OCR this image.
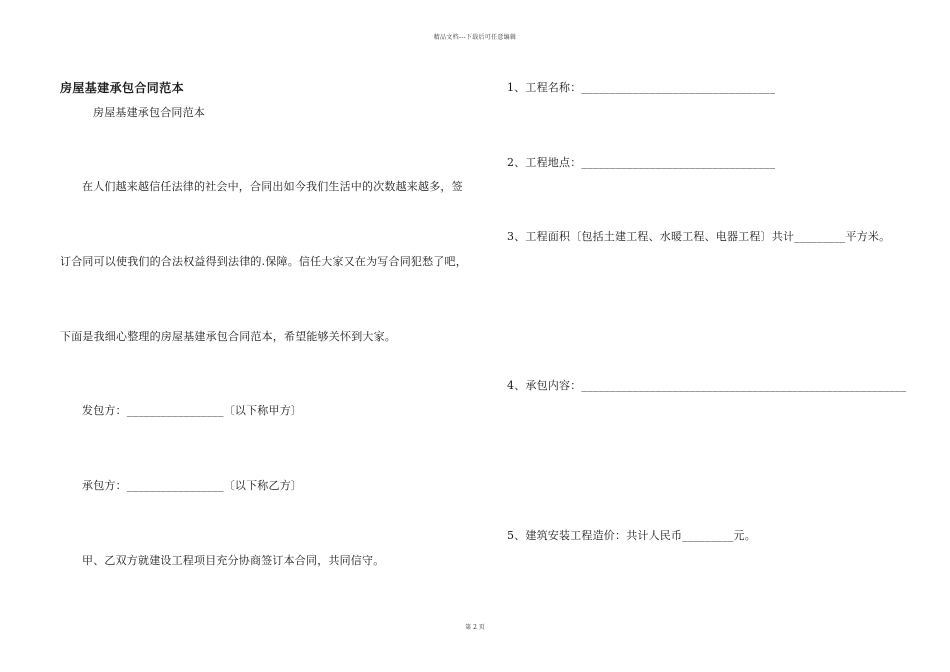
精品文档---下载后可任意编辑
房屋基建承包合同范本
房屋基建承包合同范本
在人们越来越信任法律的社会中，合同出如今我们生活中的次数越来越多，签
订合同可以使我们的合法权益得到法律的.保障。信任大家又在为写合同犯愁了吧，
下面是我细心整理的房屋基建承包合同范本，希望能够关怀到大家。
发包方：_________________〔以下称甲方〕
承包方：_________________〔以下称乙方〕
甲、乙双方就建设工程项目充分协商签订本合同，共同信守。
1、工程名称：__________________________________
2、工程地点：__________________________________
3、工程面积〔包括土建工程、水暖工程、电器工程〕共计_________平方米。
4、承包内容：_________________________________________________________
5、建筑安装工程造价：共计人民币_________元。
第 2 页
